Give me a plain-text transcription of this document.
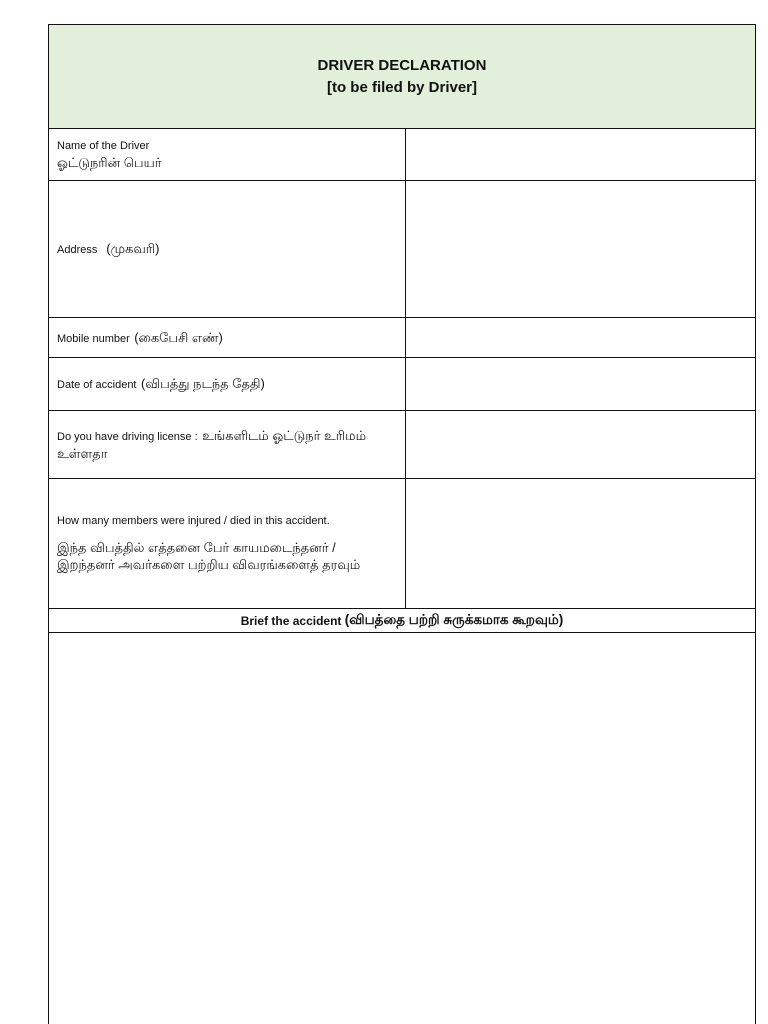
DRIVER DECLARATION
[to be filed by Driver]
Name of the Driver
ஓட்டுநரின் பெயர்
Address (முகவரி)
Mobile number (கைபேசி எண்)
Date of accident (விபத்து நடந்த தேதி)
Do you have driving license : உங்களிடம் ஓட்டுநர் உரிமம் உள்ளதா
How many members were injured / died in this accident.
இந்த விபத்தில் எத்தனை பேர் காயமடைந்தனர் / இறந்தனர் அவர்களை பற்றிய விவரங்களைத் தரவும்
Brief the accident
(விபத்தை பற்றி சுருக்கமாக கூறவும்)
